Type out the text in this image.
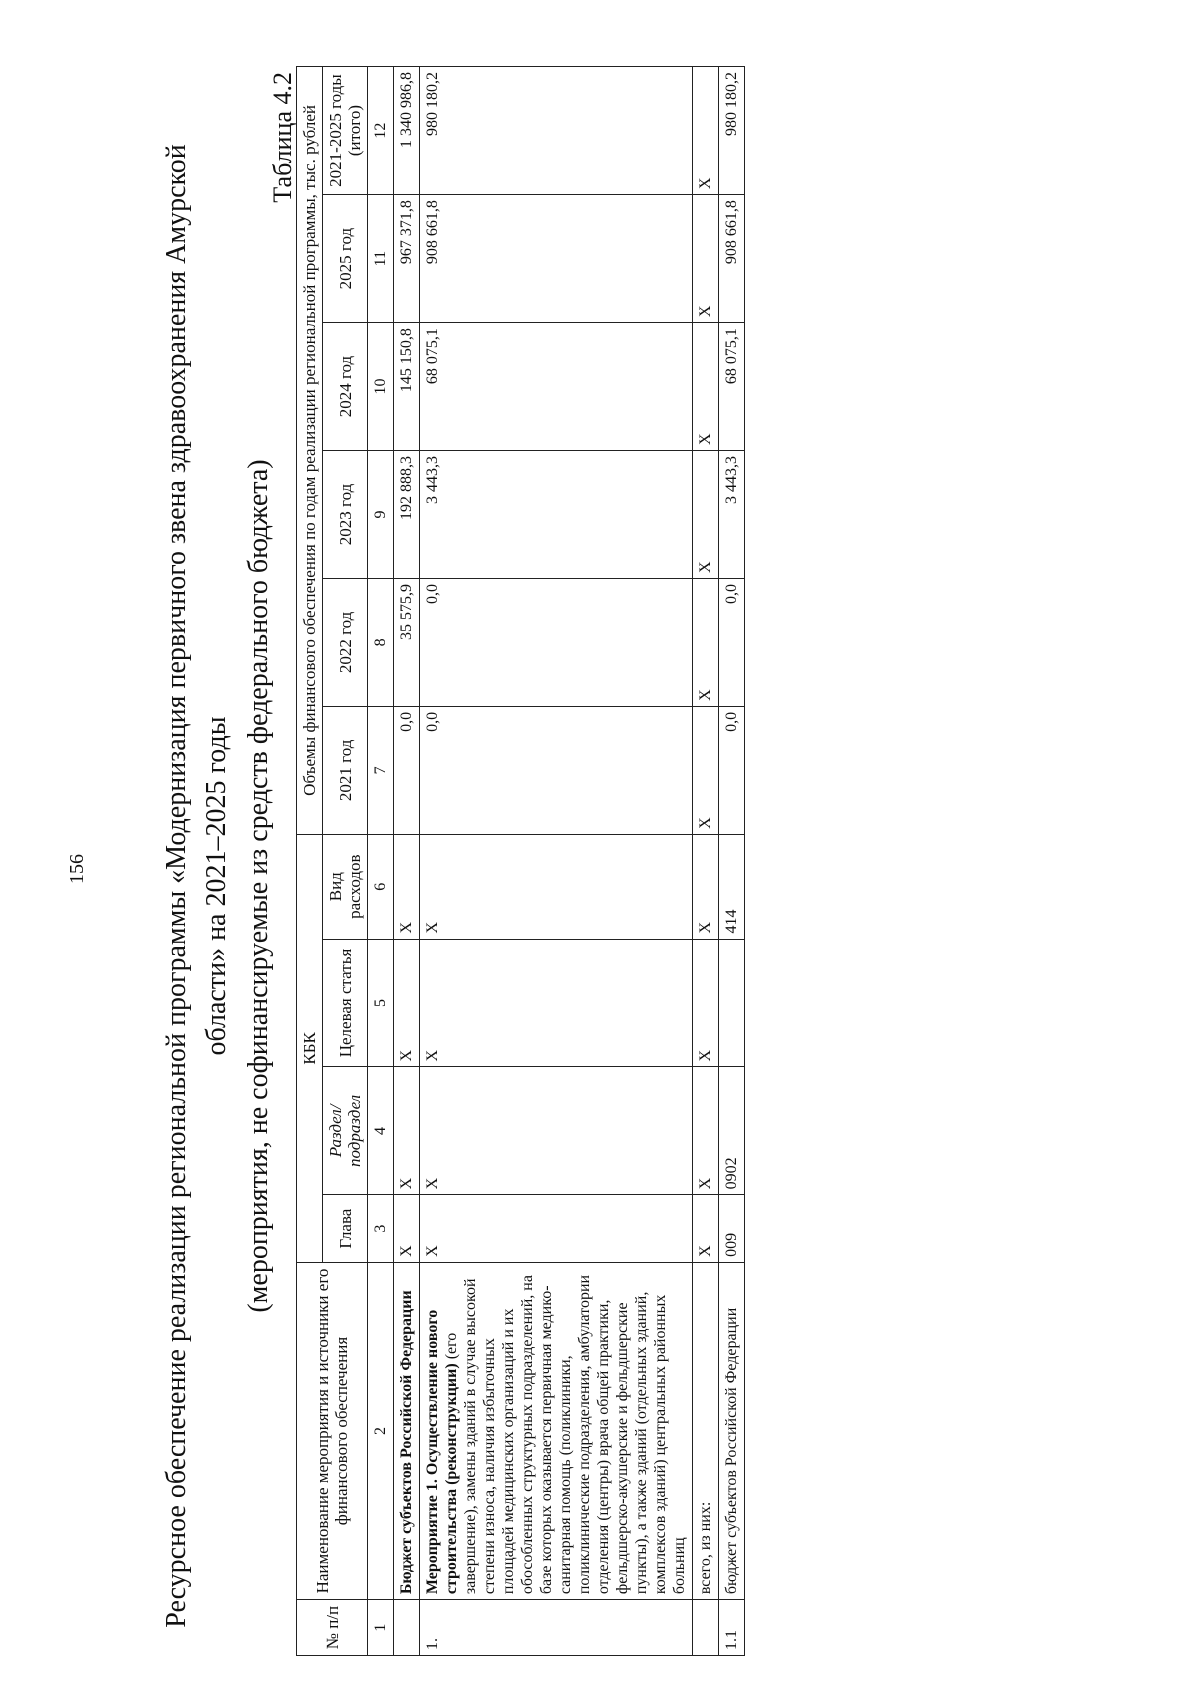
156
№ п/п	Наименование мероприятия и источники его финансового обеспечения	КБК				Объемы финансового обеспечения по годам реализации региональной программы, тыс. рублей					
		Глава	Раздел/ подраздел	Целевая статья	Вид расходов	2021 год	2022 год	2023 год	2024 год	2025 год	2021-2025 годы (итого)
1	2	3	4	5	6	7	8	9	10	11	12
	Бюджет субъектов Российской Федерации	Х	Х	Х	Х	0,0	35 575,9	192 888,3	145 150,8	967 371,8	1 340 986,8
1.	Мероприятие 1. Осуществление нового строительства (реконструкции) (его завершение), замены зданий в случае высокой степени износа, наличия избыточных площадей медицинских организаций и их обособленных структурных подразделений, на базе которых оказывается первичная медико-санитарная помощь (поликлиники, поликлинические подразделения, амбулатории отделения (центры) врача общей практики, фельдшерско-акушерские и фельдшерские пункты), а также зданий (отдельных зданий, комплексов зданий) центральных районных больниц	Х	Х	Х	Х	0,0	0,0	3 443,3	68 075,1	908 661,8	980 180,2
	всего, из них:	Х	Х	Х	Х	Х	Х	Х	Х	Х	Х
1.1	бюджет субъектов Российской Федерации	009	0902		414	0,0	0,0	3 443,3	68 075,1	908 661,8	980 180,2
Таблица 4.2
Ресурсное обеспечение реализации региональной программы «Модернизация первичного звена здравоохранения Амурской области» на 2021–2025 годы (мероприятия, не софинансируемые из средств федерального бюджета)
